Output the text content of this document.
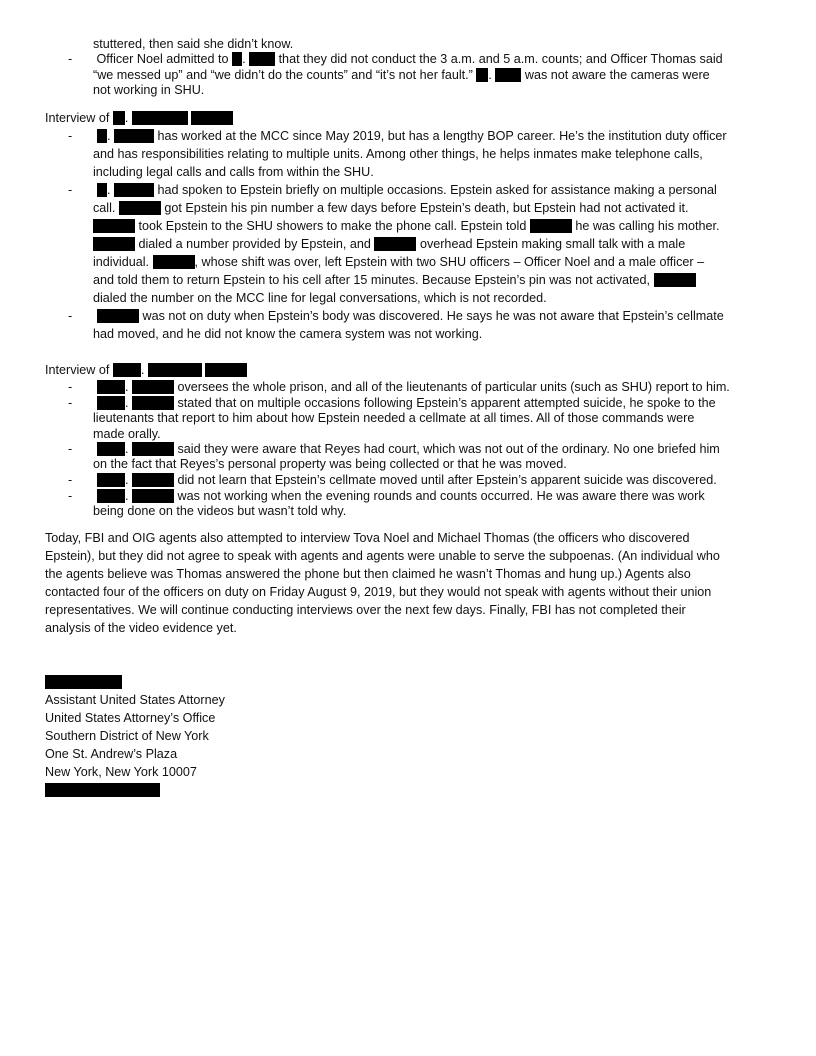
stuttered, then said she didn’t know.
- Officer Noel admitted to .	that they did not conduct the 3 a.m. and 5 a.m. counts; and Officer Thomas said
“we messed up” and “we didn’t do the counts” and “it’s not her fault.” .	was not aware the cameras were
not working in SHU.
Interview of .
-	.	has worked at the MCC since May 2019, but has a lengthy BOP career. He’s the institution duty officer
and has responsibilities relating to multiple units. Among other things, he helps inmates make telephone calls,
including legal calls and calls from within the SHU.
-	.	had spoken to Epstein briefly on multiple occasions. Epstein asked for assistance making a personal
call.	got Epstein his pin number a few days before Epstein’s death, but Epstein had not activated it.
took Epstein to the SHU showers to make the phone call. Epstein told	he was calling his mother.
dialed a number provided by Epstein, and	overhead Epstein making small talk with a male
individual.	, whose shift was over, left Epstein with two SHU officers – Officer Noel and a male officer –
and told them to return Epstein to his cell after 15 minutes. Because Epstein’s pin was not activated,
dialed the number on the MCC line for legal conversations, which is not recorded.
-	was not on duty when Epstein’s body was discovered. He says he was not aware that Epstein’s cellmate
had moved, and he did not know the camera system was not working.
Interview of	.
-	.	oversees the whole prison, and all of the lieutenants of particular units (such as SHU) report to him.
-	.	stated that on multiple occasions following Epstein’s apparent attempted suicide, he spoke to the
lieutenants that report to him about how Epstein needed a cellmate at all times. All of those commands were
made orally.
-	.	said they were aware that Reyes had court, which was not out of the ordinary. No one briefed him
on the fact that Reyes’s personal property was being collected or that he was moved.
-	.	did not learn that Epstein’s cellmate moved until after Epstein’s apparent suicide was discovered.
-	.	was not working when the evening rounds and counts occurred. He was aware there was work
being done on the videos but wasn’t told why.
Today, FBI and OIG agents also attempted to interview Tova Noel and Michael Thomas (the officers who discovered
Epstein), but they did not agree to speak with agents and agents were unable to serve the subpoenas. (An individual who
the agents believe was Thomas answered the phone but then claimed he wasn’t Thomas and hung up.) Agents also
contacted four of the officers on duty on Friday August 9, 2019, but they would not speak with agents without their union
representatives. We will continue conducting interviews over the next few days. Finally, FBI has not completed their
analysis of the video evidence yet.
Assistant United States Attorney
United States Attorney’s Office
Southern District of New York
One St. Andrew’s Plaza
New York, New York 10007
